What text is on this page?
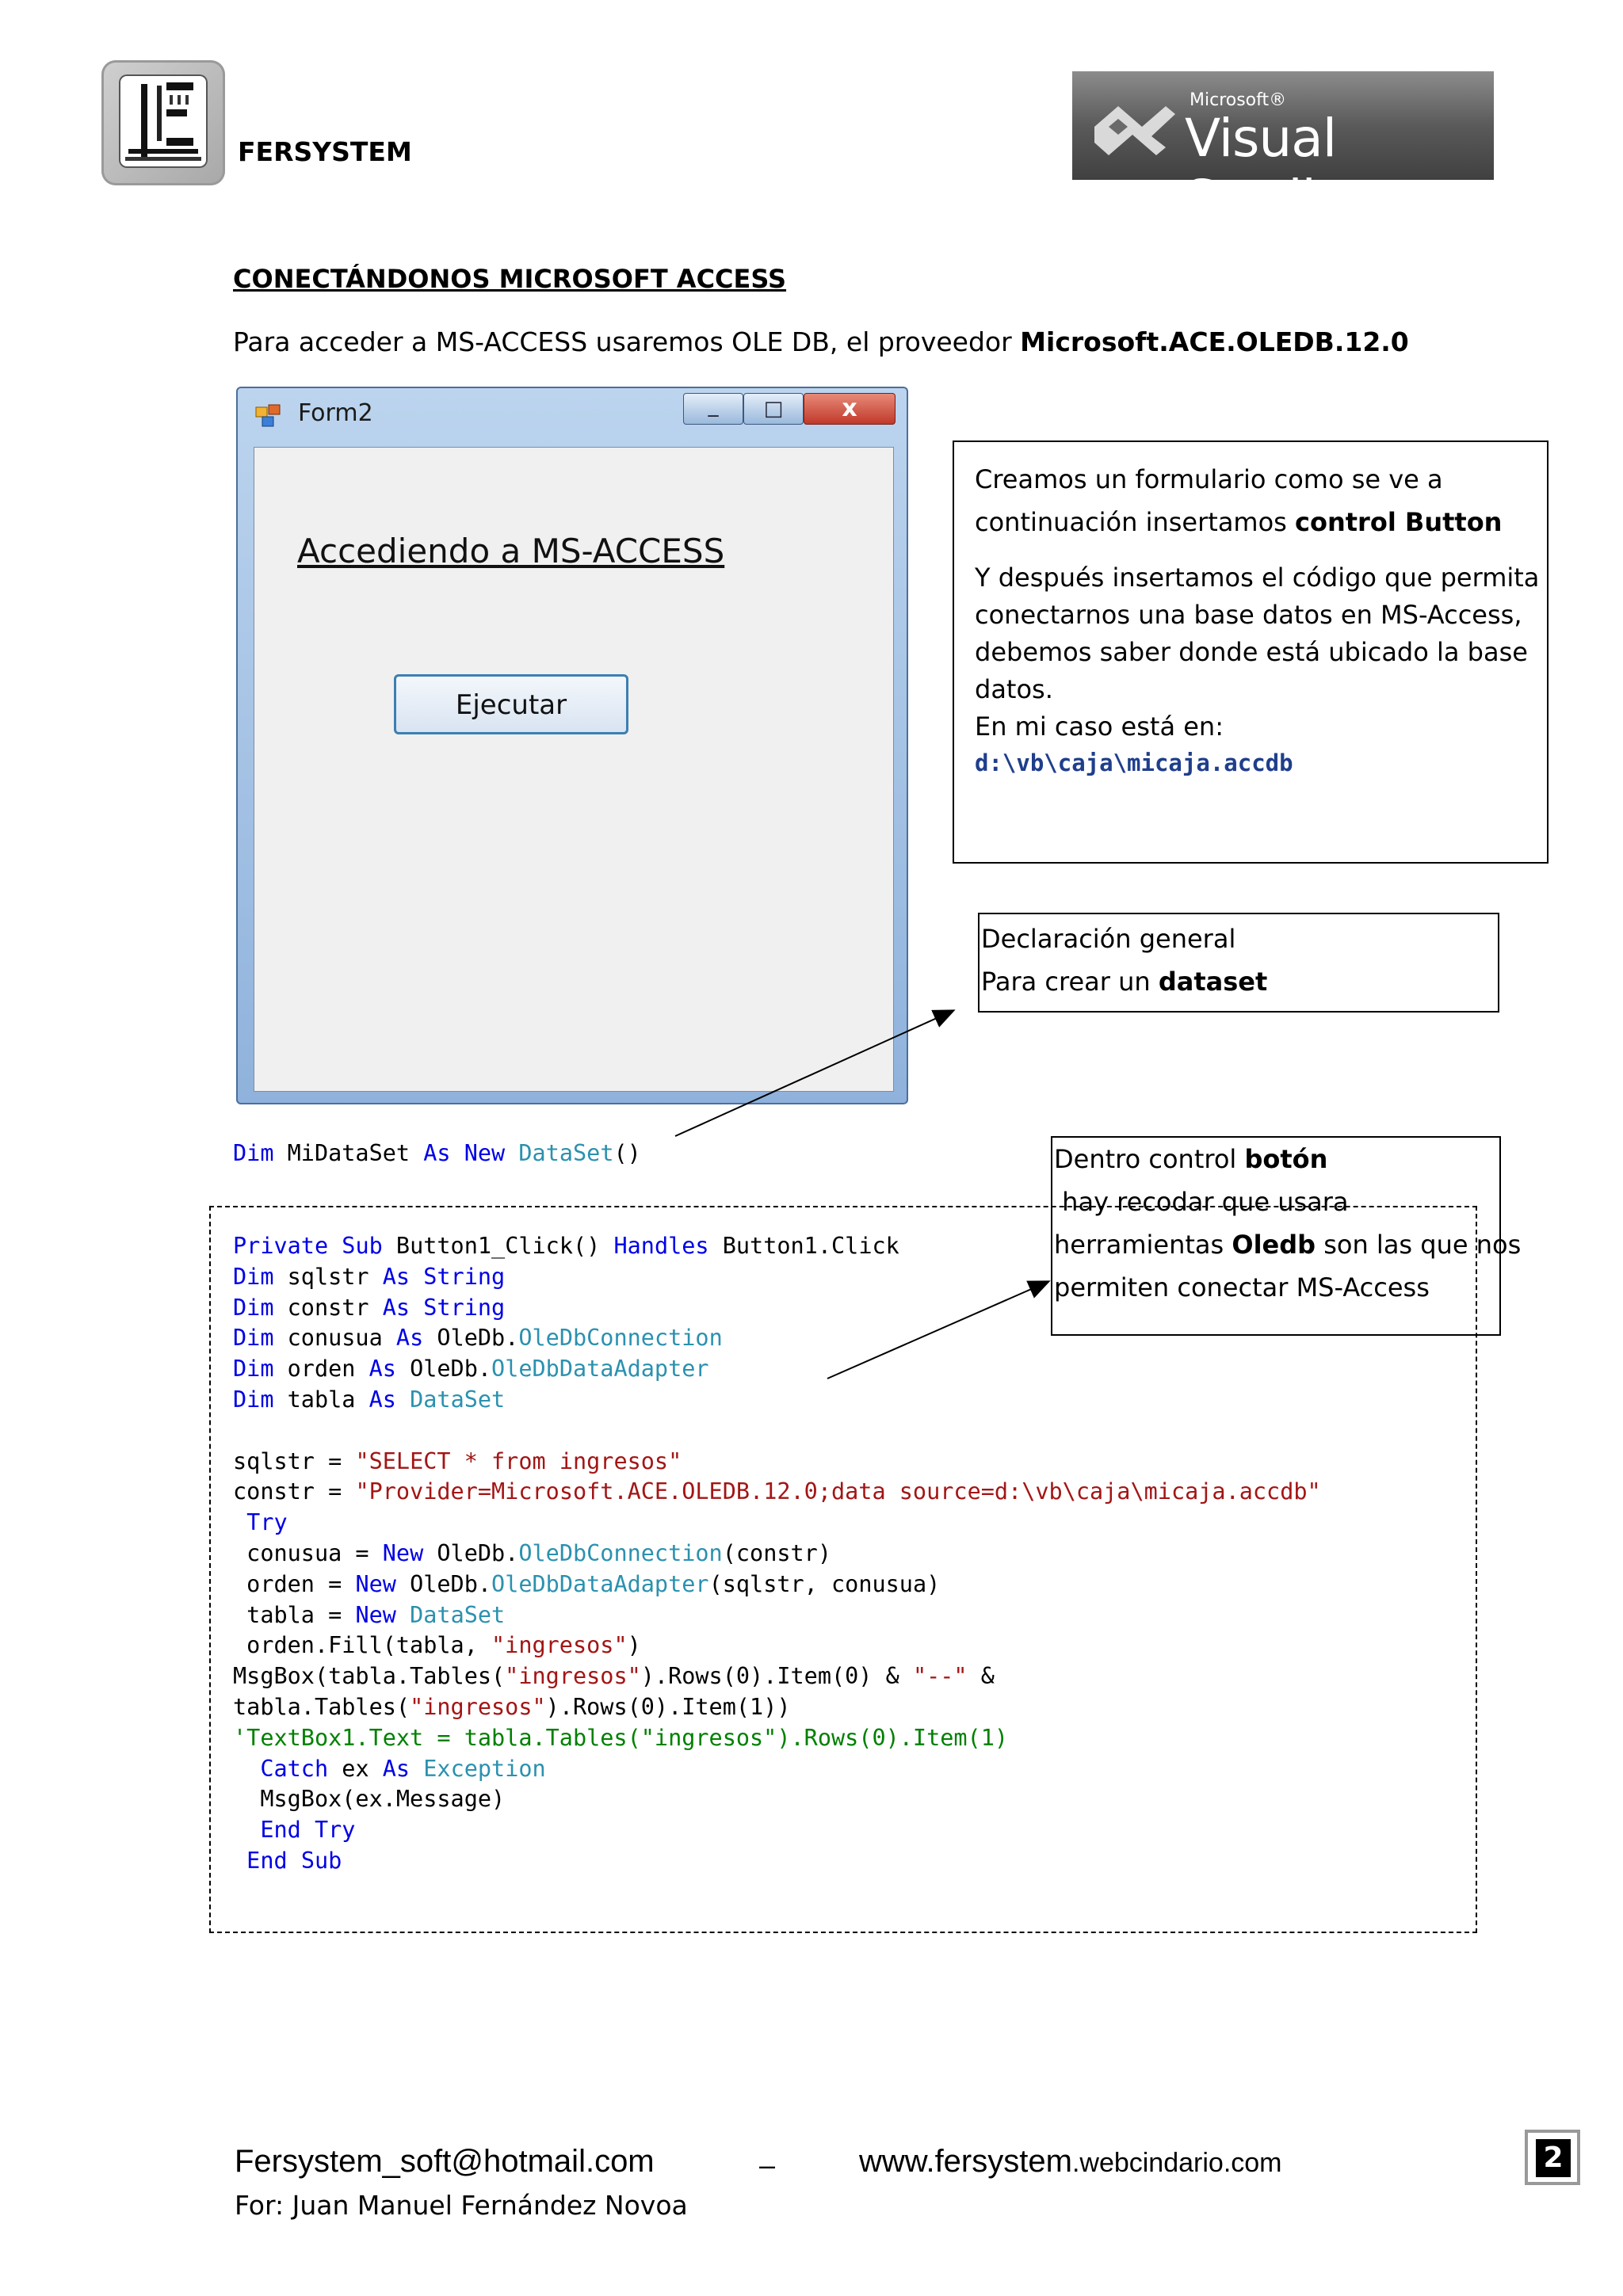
FERSYSTEM
Microsoft®
Visual Studio
CONECTÁNDONOS MICROSOFT ACCESS
Para acceder a MS-ACCESS usaremos OLE DB, el proveedor Microsoft.ACE.OLEDB.12.0
Form2	_	□	x
Accediendo a MS-ACCESS
Ejecutar
Creamos un formulario como se ve a
continuación insertamos control Button
Y después insertamos el código que permita
conectarnos una base datos en MS-Access,
debemos saber donde está ubicado la base
datos.
En mi caso está en:
d:\vb\caja\micaja.accdb
Declaración general
Para crear un dataset
Dentro control botón
hay recodar que usara
herramientas Oledb son las que nos
permiten conectar MS-Access
Dim MiDataSet As New DataSet()
Private Sub Button1_Click() Handles Button1.Click
Dim sqlstr As String
Dim constr As String
Dim conusua As OleDb.OleDbConnection
Dim orden As OleDb.OleDbDataAdapter
Dim tabla As DataSet
sqlstr = "SELECT * from ingresos"
constr = "Provider=Microsoft.ACE.OLEDB.12.0;data source=d:\vb\caja\micaja.accdb"
Try
conusua = New OleDb.OleDbConnection(constr)
orden = New OleDb.OleDbDataAdapter(sqlstr, conusua)
tabla = New DataSet
orden.Fill(tabla, "ingresos")
MsgBox(tabla.Tables("ingresos").Rows(0).Item(0) & "--" &
tabla.Tables("ingresos").Rows(0).Item(1))
'TextBox1.Text = tabla.Tables("ingresos").Rows(0).Item(1)
Catch ex As Exception
MsgBox(ex.Message)
End Try
End Sub
Fersystem_soft@hotmail.com	–	www.fersystem.webcindario.com
For: Juan Manuel Fernández Novoa
2
